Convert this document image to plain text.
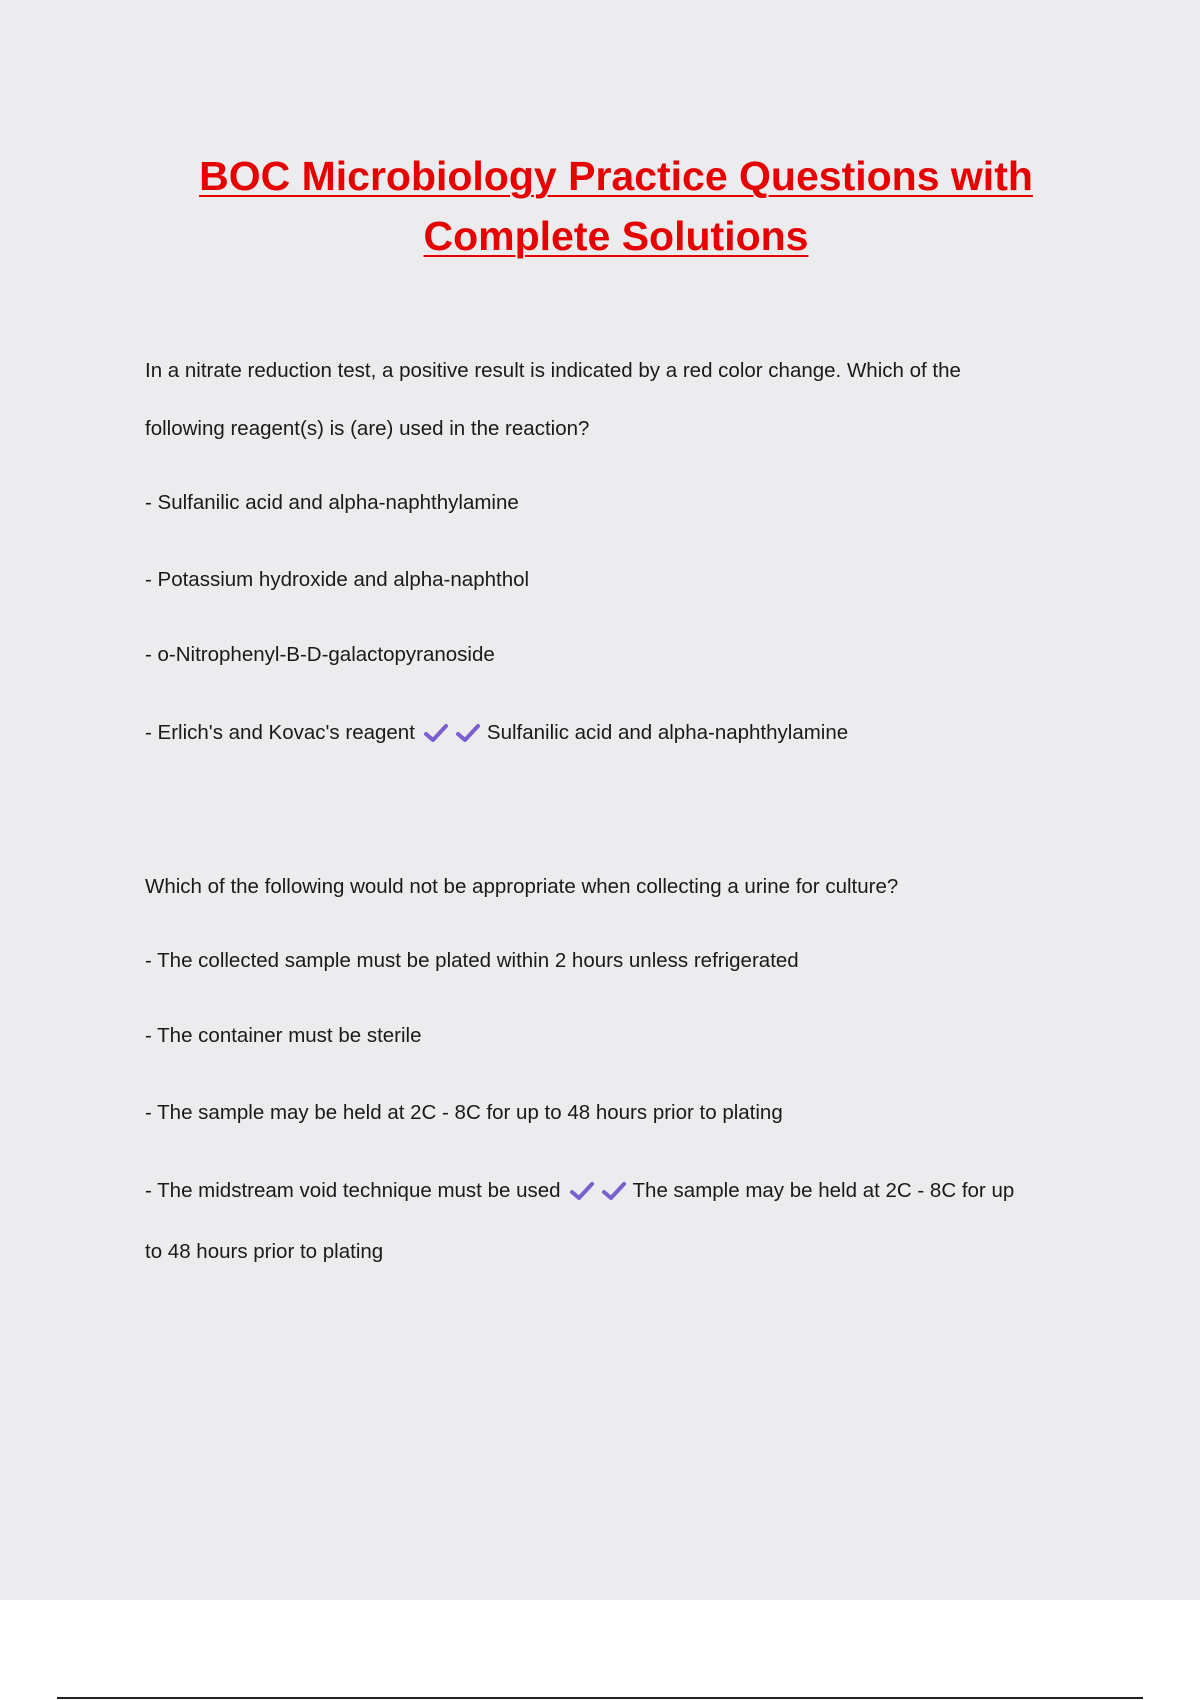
BOC Microbiology Practice Questions with
Complete Solutions
In a nitrate reduction test, a positive result is indicated by a red color change. Which of the
following reagent(s) is (are) used in the reaction?
- Sulfanilic acid and alpha-naphthylamine
- Potassium hydroxide and alpha-naphthol
- o-Nitrophenyl-B-D-galactopyranoside
- Erlich's and Kovac's reagent	Sulfanilic acid and alpha-naphthylamine
Which of the following would not be appropriate when collecting a urine for culture?
- The collected sample must be plated within 2 hours unless refrigerated
- The container must be sterile
- The sample may be held at 2C - 8C for up to 48 hours prior to plating
- The midstream void technique must be used	The sample may be held at 2C - 8C for up
to 48 hours prior to plating
